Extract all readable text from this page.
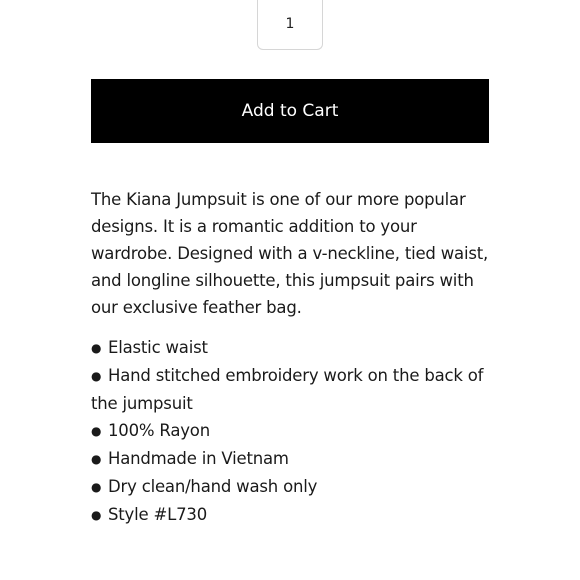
1
Add to Cart

The Kiana Jumpsuit is one of our more popular designs. It is a romantic addition to your wardrobe. Designed with a v-neckline, tied waist, and longline silhouette, this jumpsuit pairs with our exclusive feather bag.

● Elastic waist
● Hand stitched embroidery work on the back of the jumpsuit
● 100% Rayon
● Handmade in Vietnam
● Dry clean/hand wash only
● Style #L730
